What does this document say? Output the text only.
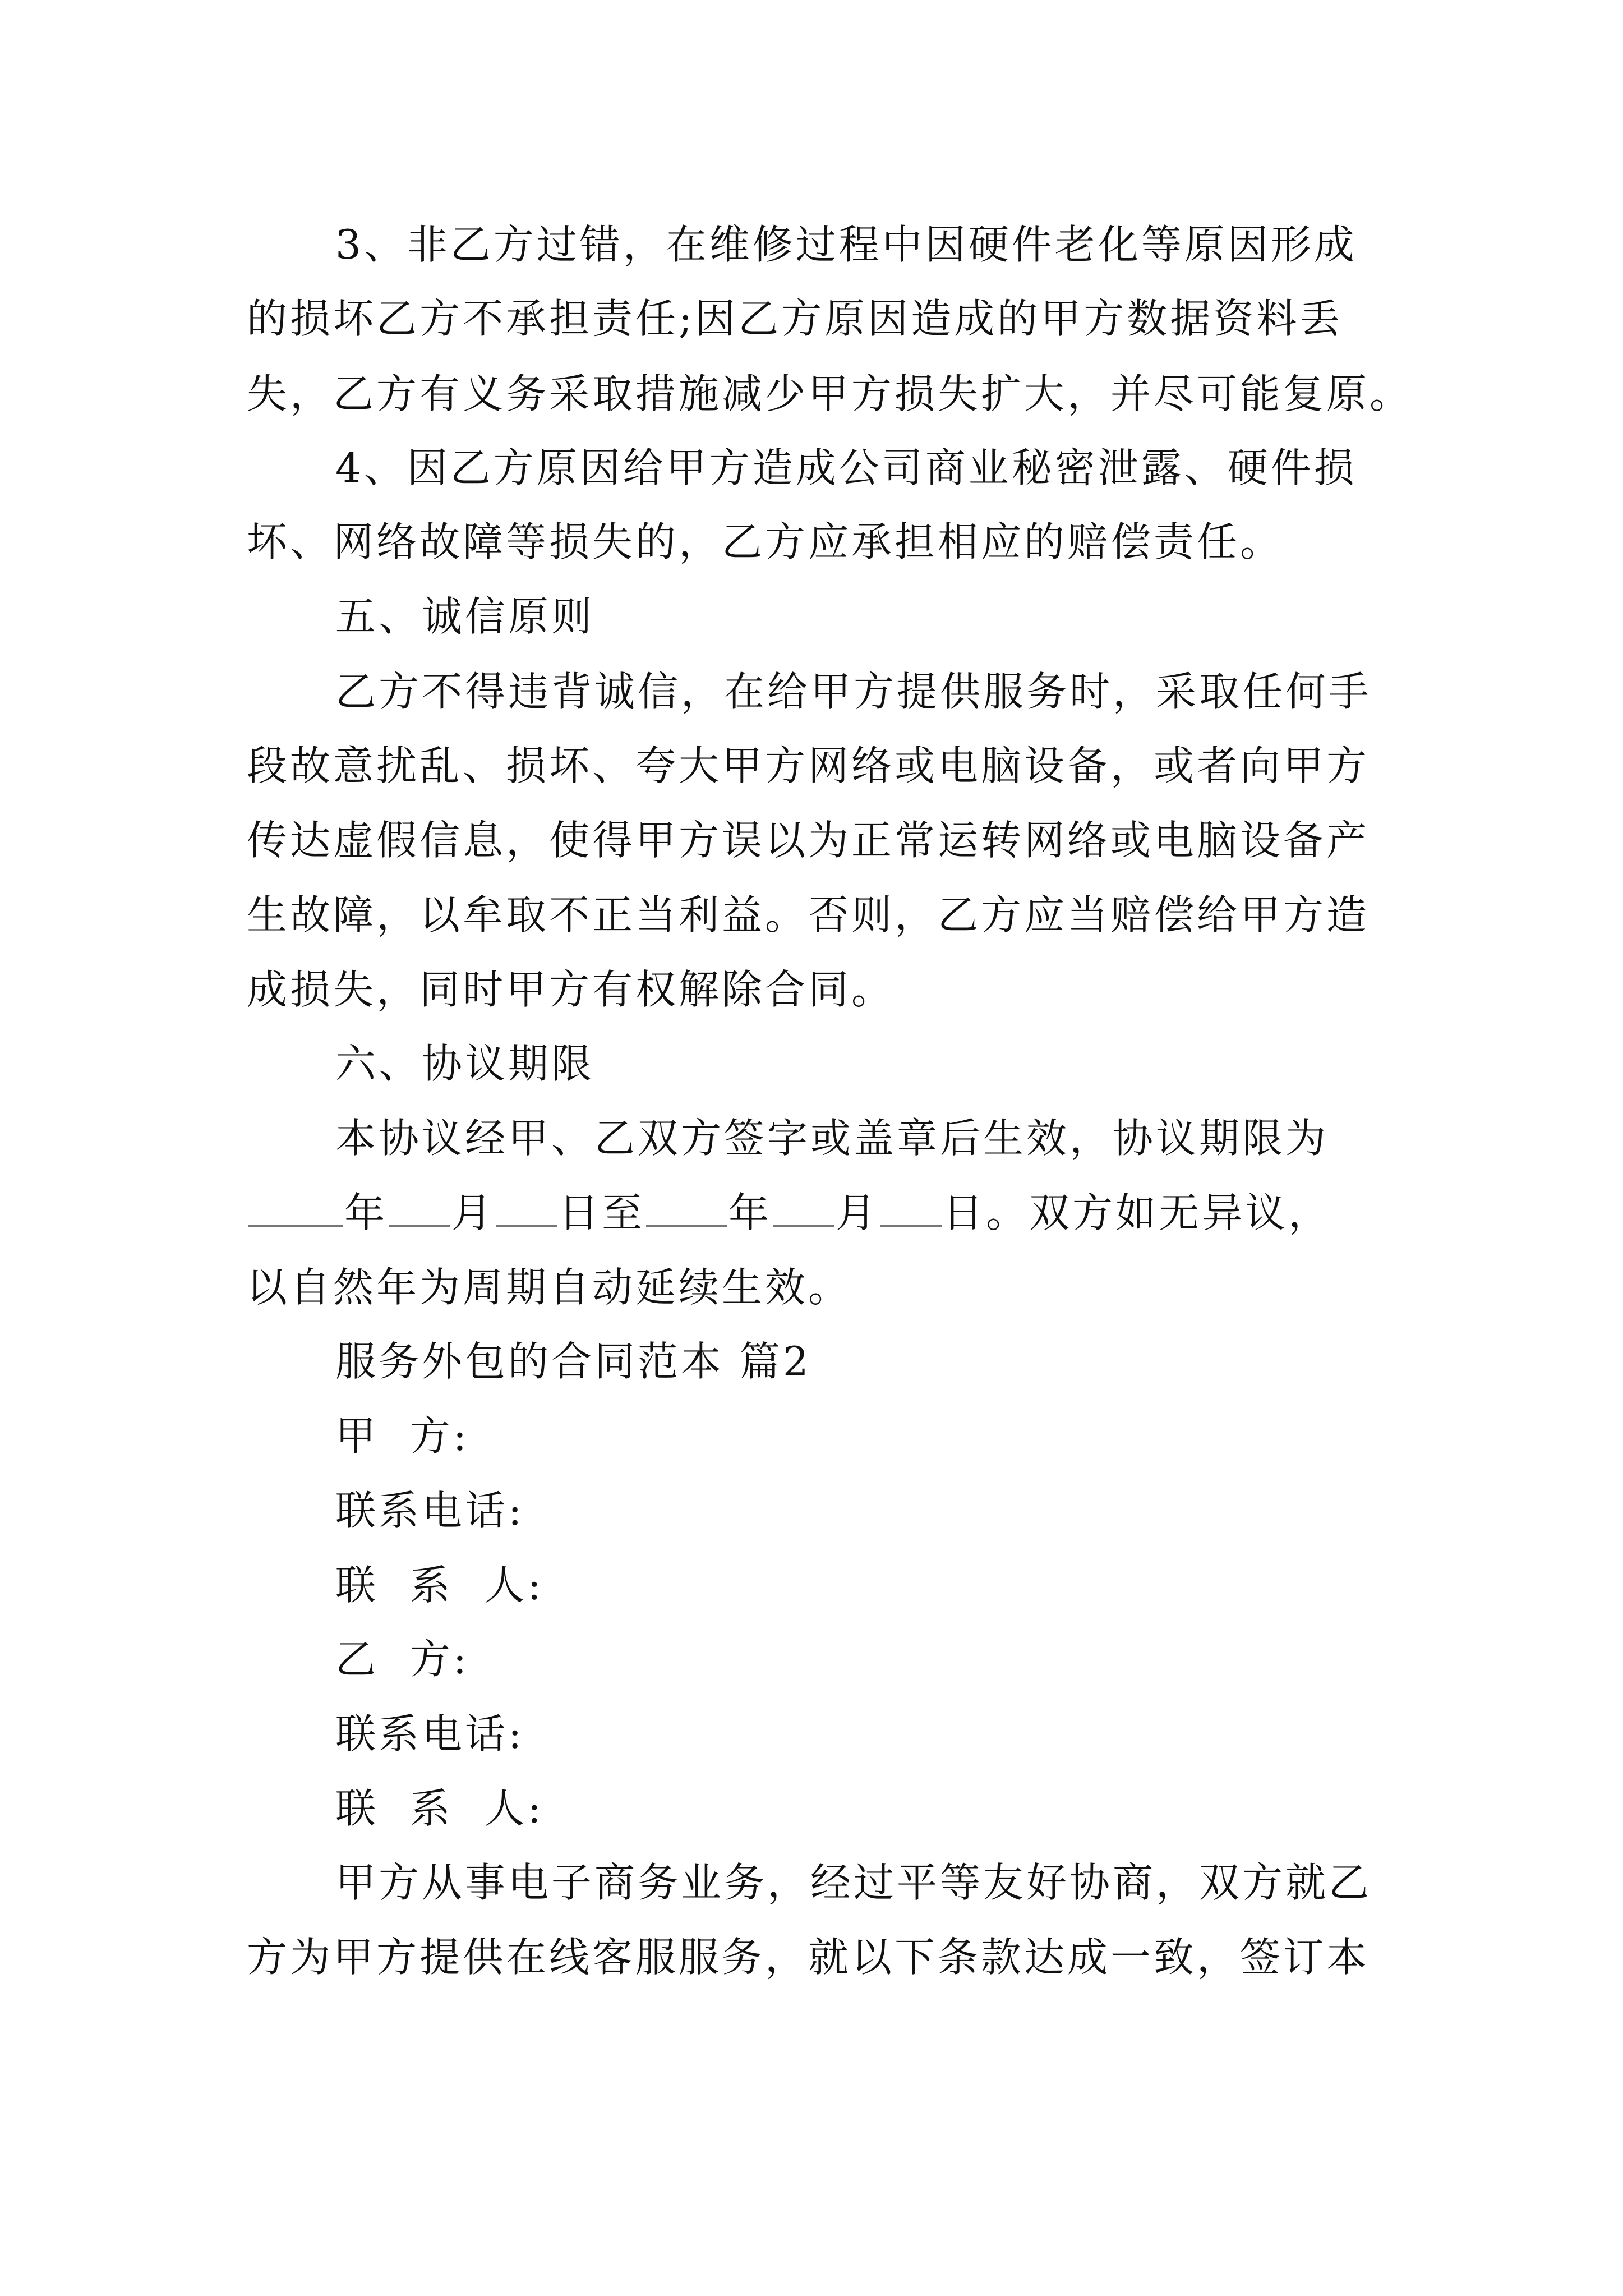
3、非乙方过错，在维修过程中因硬件老化等原因形成
的损坏乙方不承担责任;因乙方原因造成的甲方数据资料丢
失，乙方有义务采取措施减少甲方损失扩大，并尽可能复原。
4、因乙方原因给甲方造成公司商业秘密泄露、硬件损
坏、网络故障等损失的，乙方应承担相应的赔偿责任。
五、诚信原则
乙方不得违背诚信，在给甲方提供服务时，采取任何手
段故意扰乱、损坏、夸大甲方网络或电脑设备，或者向甲方
传达虚假信息，使得甲方误以为正常运转网络或电脑设备产
生故障，以牟取不正当利益。否则，乙方应当赔偿给甲方造
成损失，同时甲方有权解除合同。
六、协议期限
本协议经甲、乙双方签字或盖章后生效，协议期限为
年 月 日至 年 月 日。双方如无异议，
以自然年为周期自动延续生效。
服务外包的合同范本 篇2
甲  方:
联系电话:
联  系  人:
乙  方:
联系电话:
联  系  人:
甲方从事电子商务业务，经过平等友好协商，双方就乙
方为甲方提供在线客服服务，就以下条款达成一致，签订本
